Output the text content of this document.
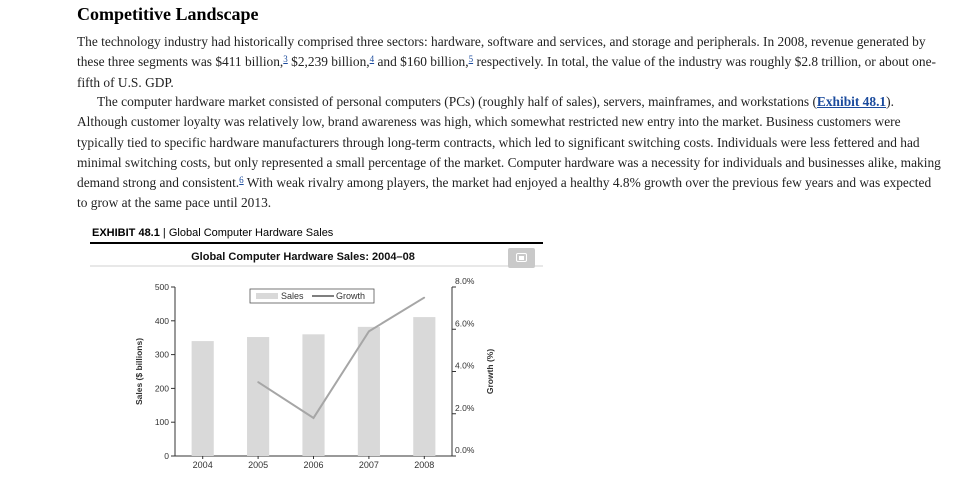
Competitive Landscape

The technology industry had historically comprised three sectors: hardware, software and services, and storage and peripherals. In 2008, revenue generated by these three segments was $411 billion,$^3$ $2,239 billion,$^4$ and $160 billion,$^5$ respectively. In total, the value of the industry was roughly $2.8 trillion, or about one-fifth of U.S. GDP.

The computer hardware market consisted of personal computers (PCs) (roughly half of sales), servers, mainframes, and workstations (Exhibit 48.1). Although customer loyalty was relatively low, brand awareness was high, which somewhat restricted new entry into the market. Business customers were typically tied to specific hardware manufacturers through long-term contracts, which led to significant switching costs. Individuals were less fettered and had minimal switching costs, but only represented a small percentage of the market. Computer hardware was a necessity for individuals and businesses alike, making demand strong and consistent.$^6$ With weak rivalry among players, the market had enjoyed a healthy 4.8% growth over the previous few years and was expected to grow at the same pace until 2013.

EXHIBIT 48.1 | Global Computer Hardware Sales
Global Computer Hardware Sales: 2004–08
0
100
200
300
400
500
0.0%
2.0%
4.0%
6.0%
8.0%
2004	2005	2006	2007	2008
Sales ($ billions)	Growth (%)
Sales	Growth
